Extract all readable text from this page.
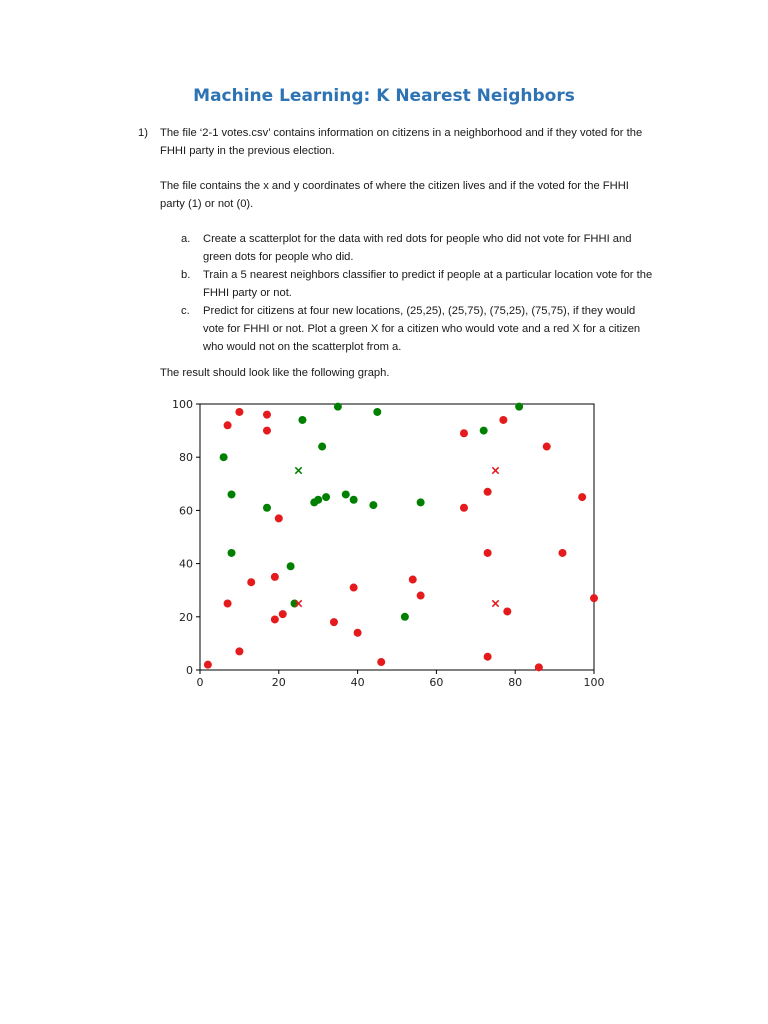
Machine Learning: K Nearest Neighbors
1) The file ‘2-1 votes.csv’ contains information on citizens in a neighborhood and if they voted for the FHHI party in the previous election.
The file contains the x and y coordinates of where the citizen lives and if the voted for the FHHI party (1) or not (0).
a. Create a scatterplot for the data with red dots for people who did not vote for FHHI and green dots for people who did.
b. Train a 5 nearest neighbors classifier to predict if people at a particular location vote for the FHHI party or not.
c. Predict for citizens at four new locations, (25,25), (25,75), (75,25), (75,75), if they would vote for FHHI or not. Plot a green X for a citizen who would vote and a red X for a citizen who would not on the scatterplot from a.
The result should look like the following graph.
0	20	40	60	80	100
0
20
40
60
80
100
